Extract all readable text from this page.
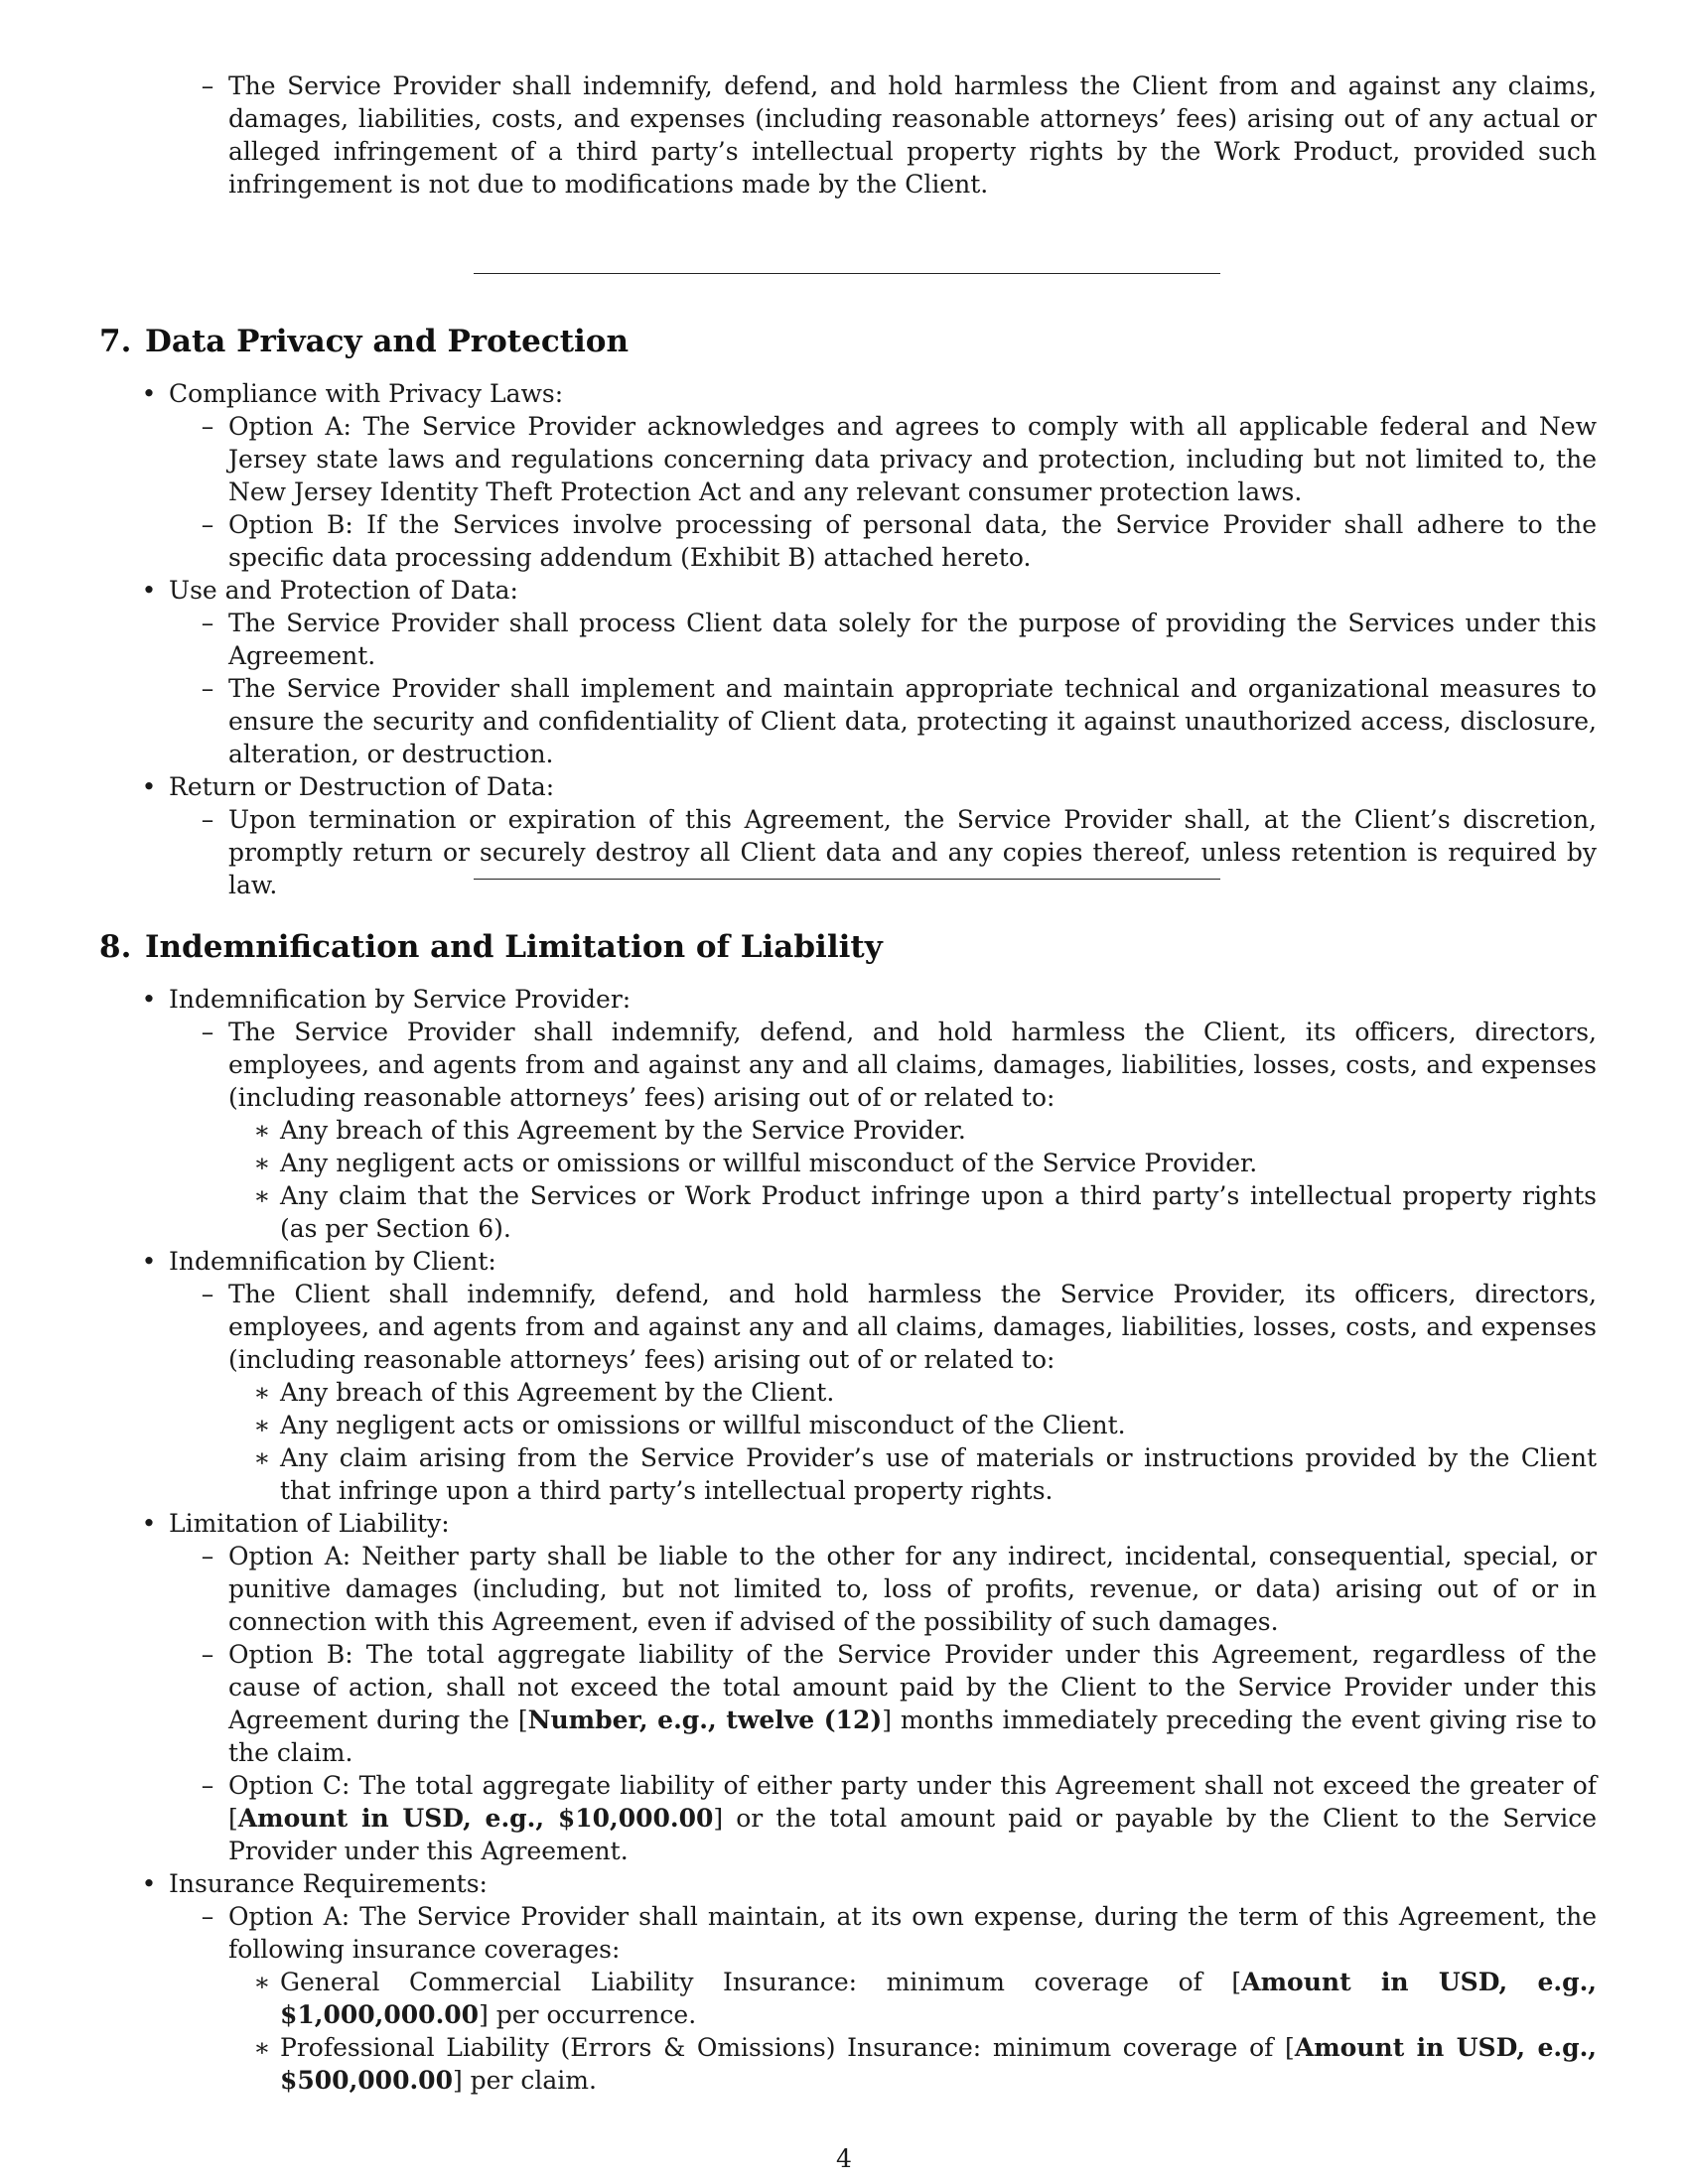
– The Service Provider shall indemnify, defend, and hold harmless the Client from and against any claims, damages, liabilities, costs, and expenses (including reasonable attorneys’ fees) arising out of any actual or alleged infringement of a third party’s intellectual property rights by the Work Product, provided such infringement is not due to modifications made by the Client.
7. Data Privacy and Protection
• Compliance with Privacy Laws:
– Option A: The Service Provider acknowledges and agrees to comply with all applicable federal and New Jersey state laws and regulations concerning data privacy and protection, including but not limited to, the New Jersey Identity Theft Protection Act and any relevant consumer protection laws.
– Option B: If the Services involve processing of personal data, the Service Provider shall adhere to the specific data processing addendum (Exhibit B) attached hereto.
• Use and Protection of Data:
– The Service Provider shall process Client data solely for the purpose of providing the Services under this Agreement.
– The Service Provider shall implement and maintain appropriate technical and organizational measures to ensure the security and confidentiality of Client data, protecting it against unauthorized access, disclosure, alteration, or destruction.
• Return or Destruction of Data:
– Upon termination or expiration of this Agreement, the Service Provider shall, at the Client’s discretion, promptly return or securely destroy all Client data and any copies thereof, unless retention is required by law.
8. Indemnification and Limitation of Liability
• Indemnification by Service Provider:
– The Service Provider shall indemnify, defend, and hold harmless the Client, its officers, directors, employees, and agents from and against any and all claims, damages, liabilities, losses, costs, and expenses (including reasonable attorneys’ fees) arising out of or related to:
∗ Any breach of this Agreement by the Service Provider.
∗ Any negligent acts or omissions or willful misconduct of the Service Provider.
∗ Any claim that the Services or Work Product infringe upon a third party’s intellectual property rights (as per Section 6).
• Indemnification by Client:
– The Client shall indemnify, defend, and hold harmless the Service Provider, its officers, directors, employees, and agents from and against any and all claims, damages, liabilities, losses, costs, and expenses (including reasonable attorneys’ fees) arising out of or related to:
∗ Any breach of this Agreement by the Client.
∗ Any negligent acts or omissions or willful misconduct of the Client.
∗ Any claim arising from the Service Provider’s use of materials or instructions provided by the Client that infringe upon a third party’s intellectual property rights.
• Limitation of Liability:
– Option A: Neither party shall be liable to the other for any indirect, incidental, consequential, special, or punitive damages (including, but not limited to, loss of profits, revenue, or data) arising out of or in connection with this Agreement, even if advised of the possibility of such damages.
– Option B: The total aggregate liability of the Service Provider under this Agreement, regardless of the cause of action, shall not exceed the total amount paid by the Client to the Service Provider under this Agreement during the [Number, e.g., twelve (12)] months immediately preceding the event giving rise to the claim.
– Option C: The total aggregate liability of either party under this Agreement shall not exceed the greater of [Amount in USD, e.g., $10,000.00] or the total amount paid or payable by the Client to the Service Provider under this Agreement.
• Insurance Requirements:
– Option A: The Service Provider shall maintain, at its own expense, during the term of this Agreement, the following insurance coverages:
∗ General Commercial Liability Insurance: minimum coverage of [Amount in USD, e.g., $1,000,000.00] per occurrence.
∗ Professional Liability (Errors & Omissions) Insurance: minimum coverage of [Amount in USD, e.g., $500,000.00] per claim.
4
